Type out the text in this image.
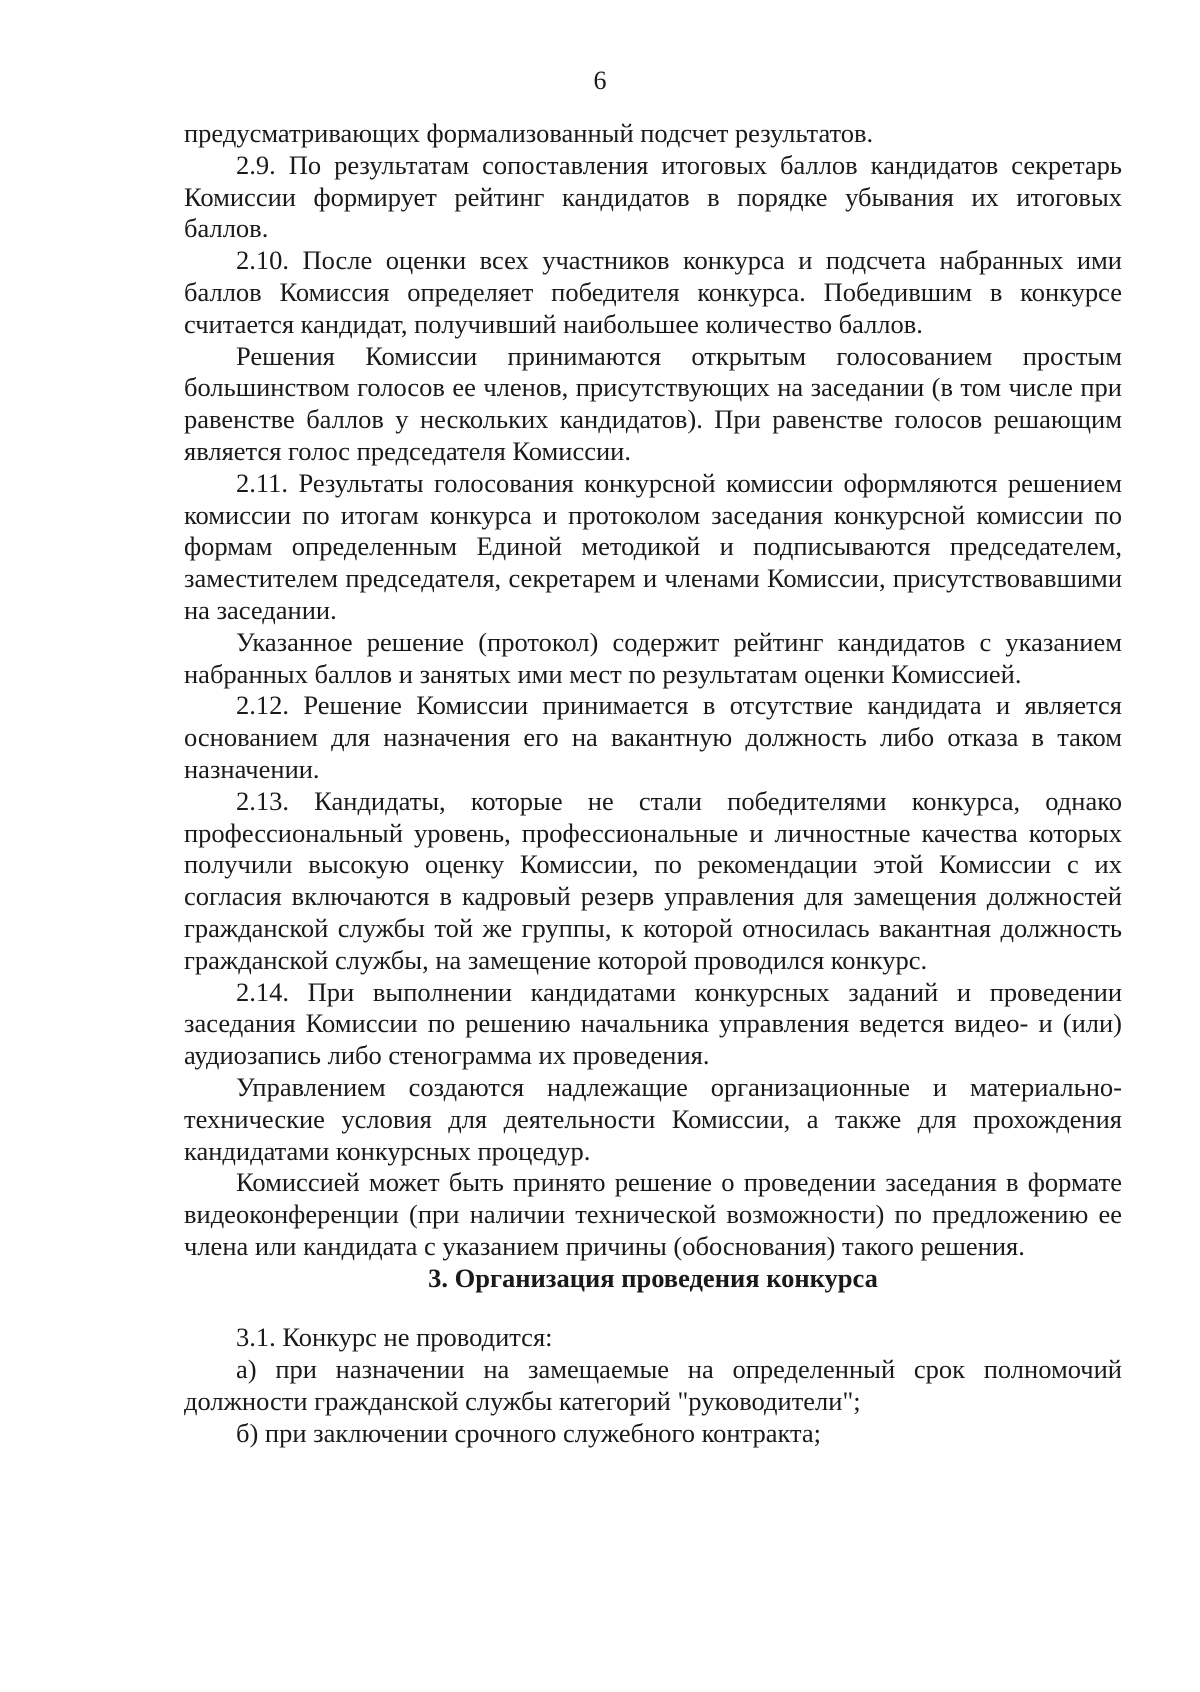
6

предусматривающих формализованный подсчет результатов.

2.9. По результатам сопоставления итоговых баллов кандидатов секретарь Комиссии формирует рейтинг кандидатов в порядке убывания их итоговых баллов.

2.10. После оценки всех участников конкурса и подсчета набранных ими баллов Комиссия определяет победителя конкурса. Победившим в конкурсе считается кандидат, получивший наибольшее количество баллов.

Решения Комиссии принимаются открытым голосованием простым большинством голосов ее членов, присутствующих на заседании (в том числе при равенстве баллов у нескольких кандидатов). При равенстве голосов решающим является голос председателя Комиссии.

2.11. Результаты голосования конкурсной комиссии оформляются решением комиссии по итогам конкурса и протоколом заседания конкурсной комиссии по формам определенным Единой методикой и подписываются председателем, заместителем председателя, секретарем и членами Комиссии, присутствовавшими на заседании.

Указанное решение (протокол) содержит рейтинг кандидатов с указанием набранных баллов и занятых ими мест по результатам оценки Комиссией.

2.12. Решение Комиссии принимается в отсутствие кандидата и является основанием для назначения его на вакантную должность либо отказа в таком назначении.

2.13. Кандидаты, которые не стали победителями конкурса, однако профессиональный уровень, профессиональные и личностные качества которых получили высокую оценку Комиссии, по рекомендации этой Комиссии с их согласия включаются в кадровый резерв управления для замещения должностей гражданской службы той же группы, к которой относилась вакантная должность гражданской службы, на замещение которой проводился конкурс.

2.14. При выполнении кандидатами конкурсных заданий и проведении заседания Комиссии по решению начальника управления ведется видео- и (или) аудиозапись либо стенограмма их проведения.

Управлением создаются надлежащие организационные и материально-технические условия для деятельности Комиссии, а также для прохождения кандидатами конкурсных процедур.

Комиссией может быть принято решение о проведении заседания в формате видеоконференции (при наличии технической возможности) по предложению ее члена или кандидата с указанием причины (обоснования) такого решения.

3. Организация проведения конкурса

3.1. Конкурс не проводится:

а) при назначении на замещаемые на определенный срок полномочий должности гражданской службы категорий "руководители";

б) при заключении срочного служебного контракта;
